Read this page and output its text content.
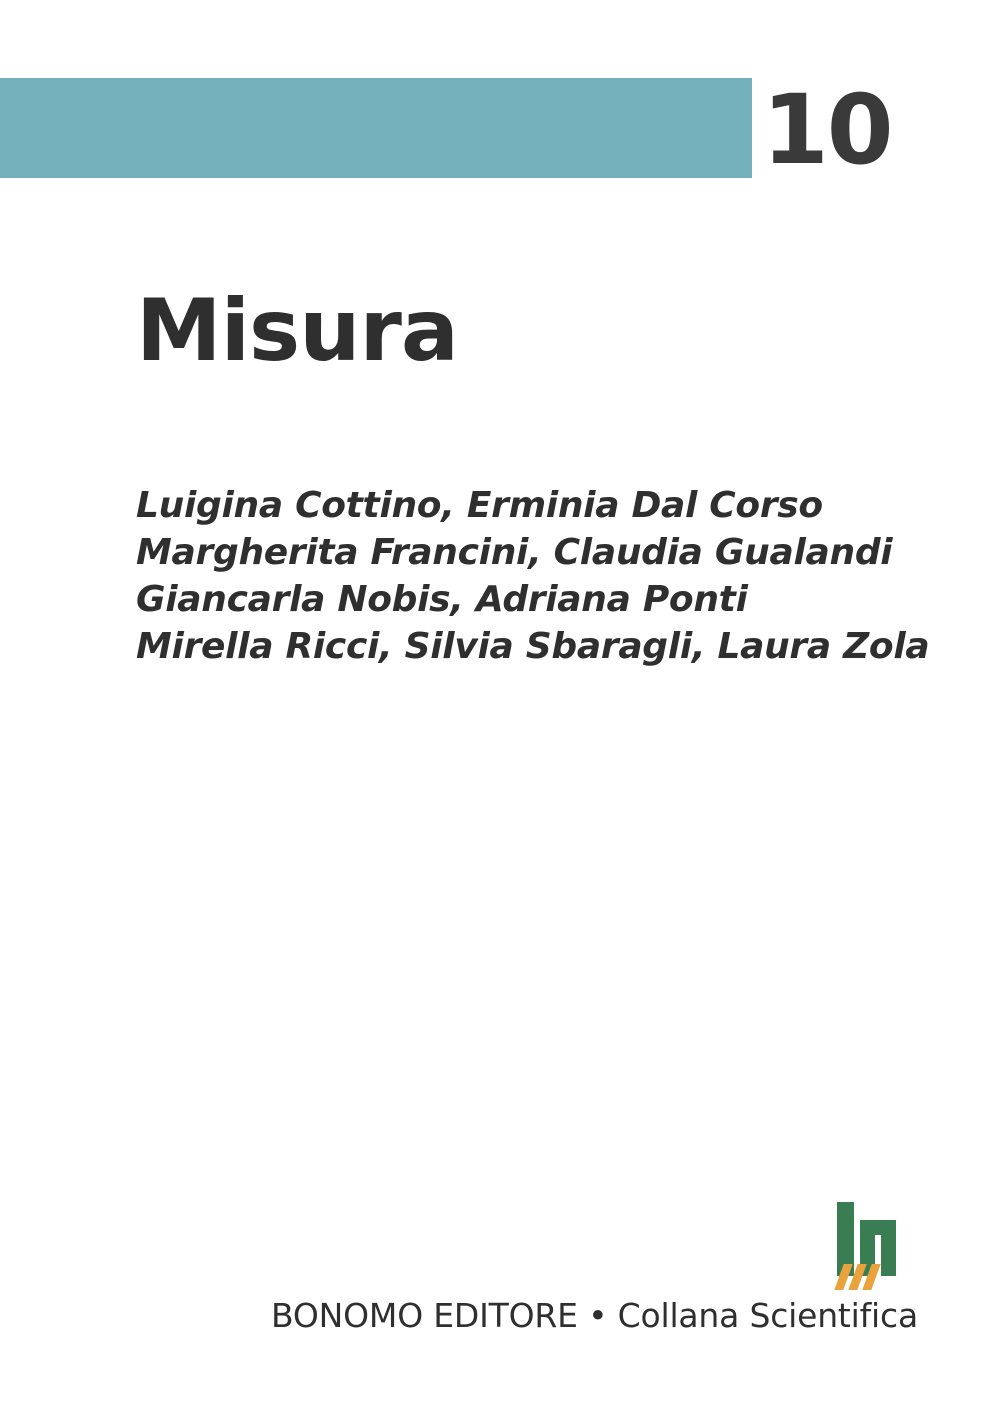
10
Misura
Luigina Cottino, Erminia Dal Corso
Margherita Francini, Claudia Gualandi
Giancarla Nobis, Adriana Ponti
Mirella Ricci, Silvia Sbaragli, Laura Zola
BONOMO EDITORE • Collana Scientifica
